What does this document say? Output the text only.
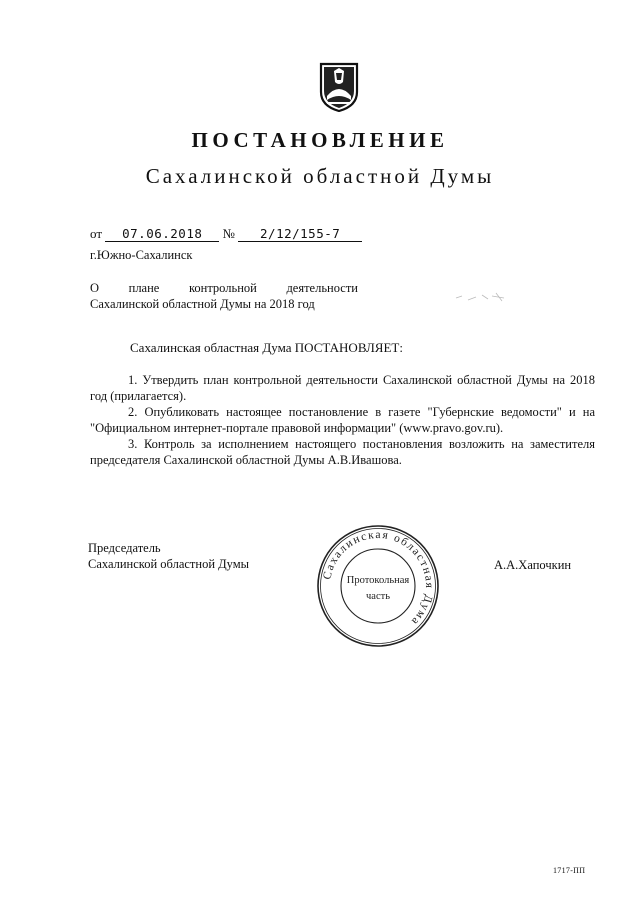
ПОСТАНОВЛЕНИЕ
Сахалинской областной Думы
от 07.06.2018 № 2/12/155-7
г.Южно-Сахалинск
О плане контрольной деятельности
Сахалинской областной Думы на 2018 год
Сахалинская областная Дума ПОСТАНОВЛЯЕТ:

1. Утвердить план контрольной деятельности Сахалинской областной Думы на 2018 год (прилагается).

2. Опубликовать настоящее постановление в газете "Губернские ведомости" и на "Официальном интернет-портале правовой информации" (www.pravo.gov.ru).

3. Контроль за исполнением настоящего постановления возложить на заместителя председателя Сахалинской областной Думы А.В.Ивашова.

Председатель
Сахалинской областной Думы	А.А.Хапочкин
Сахалинская областная Дума
Протокольная
часть
1717-ПП
